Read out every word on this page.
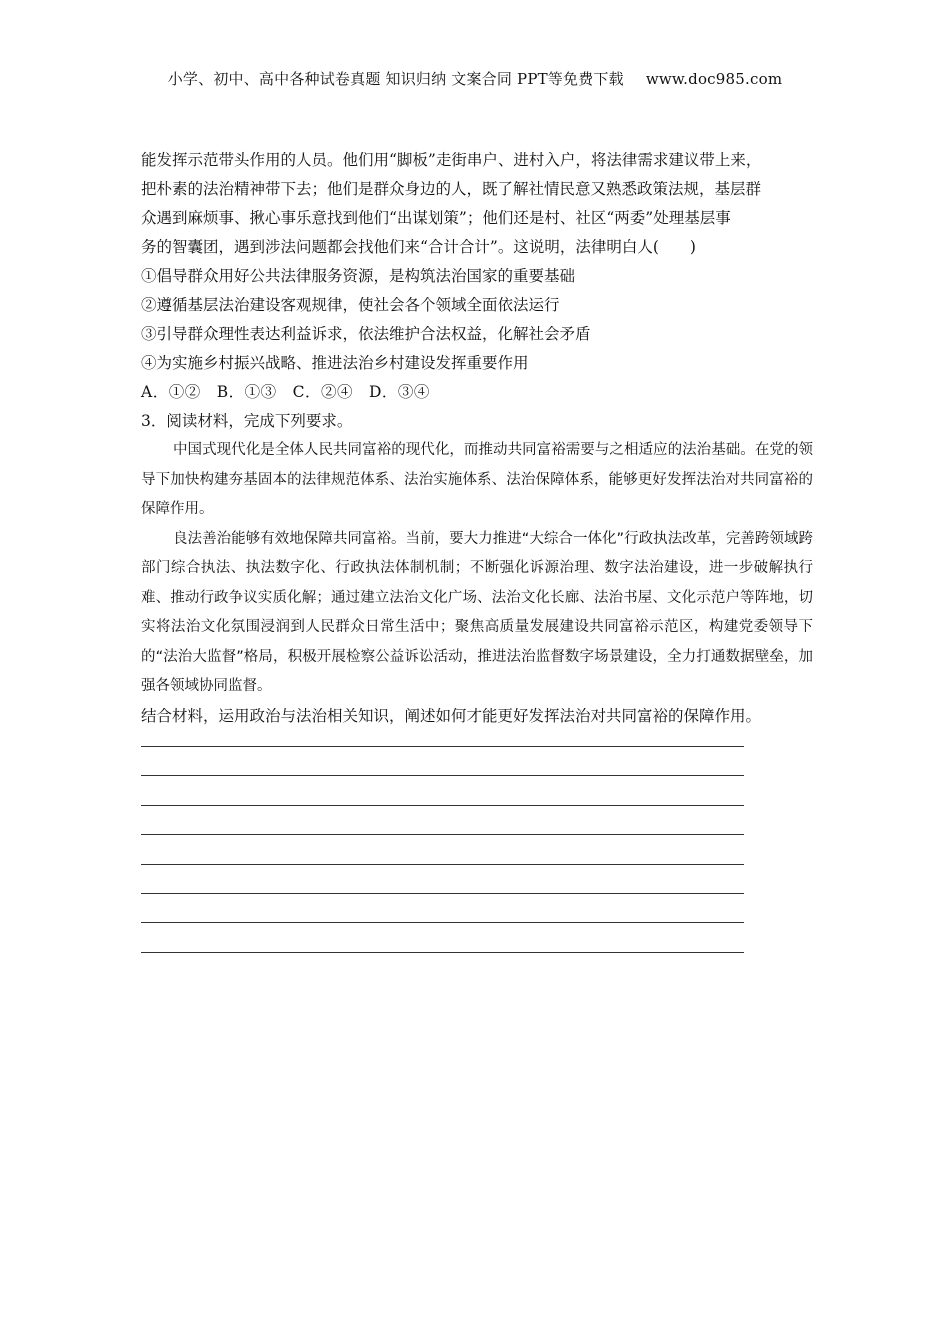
小学、初中、高中各种试卷真题 知识归纳 文案合同 PPT等免费下载 www.doc985.com

能发挥示范带头作用的人员。他们用“脚板”走街串户、进村入户，将法律需求建议带上来，

把朴素的法治精神带下去；他们是群众身边的人，既了解社情民意又熟悉政策法规，基层群

众遇到麻烦事、揪心事乐意找到他们“出谋划策”；他们还是村、社区“两委”处理基层事

务的智囊团，遇到涉法问题都会找他们来“合计合计”。这说明，法律明白人(　　)

①倡导群众用好公共法律服务资源，是构筑法治国家的重要基础

②遵循基层法治建设客观规律，使社会各个领域全面依法运行

③引导群众理性表达利益诉求，依法维护合法权益，化解社会矛盾

④为实施乡村振兴战略、推进法治乡村建设发挥重要作用

A．①②　B．①③　C．②④　D．③④

3．阅读材料，完成下列要求。

中国式现代化是全体人民共同富裕的现代化，而推动共同富裕需要与之相适应的法治基础。在党的领导下加快构建夯基固本的法律规范体系、法治实施体系、法治保障体系，能够更好发挥法治对共同富裕的保障作用。

良法善治能够有效地保障共同富裕。当前，要大力推进“大综合一体化”行政执法改革，完善跨领域跨部门综合执法、执法数字化、行政执法体制机制；不断强化诉源治理、数字法治建设，进一步破解执行难、推动行政争议实质化解；通过建立法治文化广场、法治文化长廊、法治书屋、文化示范户等阵地，切实将法治文化氛围浸润到人民群众日常生活中；聚焦高质量发展建设共同富裕示范区，构建党委领导下的“法治大监督”格局，积极开展检察公益诉讼活动，推进法治监督数字场景建设，全力打通数据壁垒，加强各领域协同监督。

结合材料，运用政治与法治相关知识，阐述如何才能更好发挥法治对共同富裕的保障作用。
